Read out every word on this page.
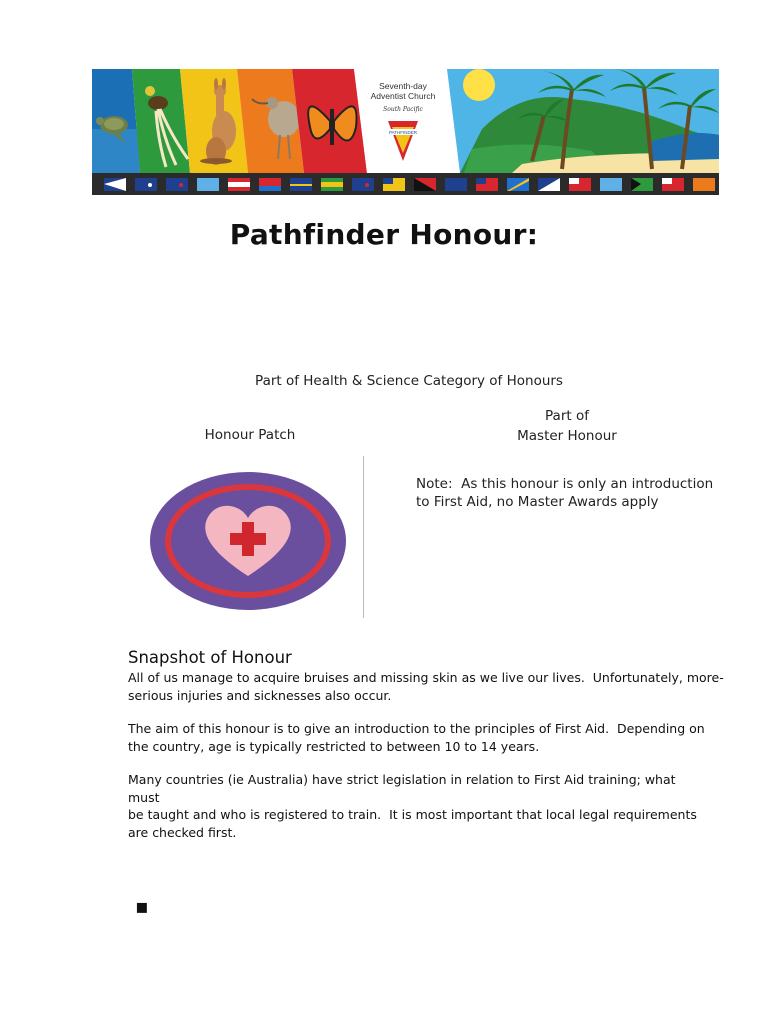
Seventh-day
Adventist Church
South Pacific
PATHFINDER
Pathfinder Honour:
Part of Health & Science Category of Honours
Honour Patch
Part of
Master Honour
Note:  As this honour is only an introduction
to First Aid, no Master Awards apply
Snapshot of Honour
All of us manage to acquire bruises and missing skin as we live our lives.  Unfortunately, more-
serious injuries and sicknesses also occur.
The aim of this honour is to give an introduction to the principles of First Aid.  Depending on
the country, age is typically restricted to between 10 to 14 years.
Many countries (ie Australia) have strict legislation in relation to First Aid training; what must
be taught and who is registered to train.  It is most important that local legal requirements
are checked first.
▪
